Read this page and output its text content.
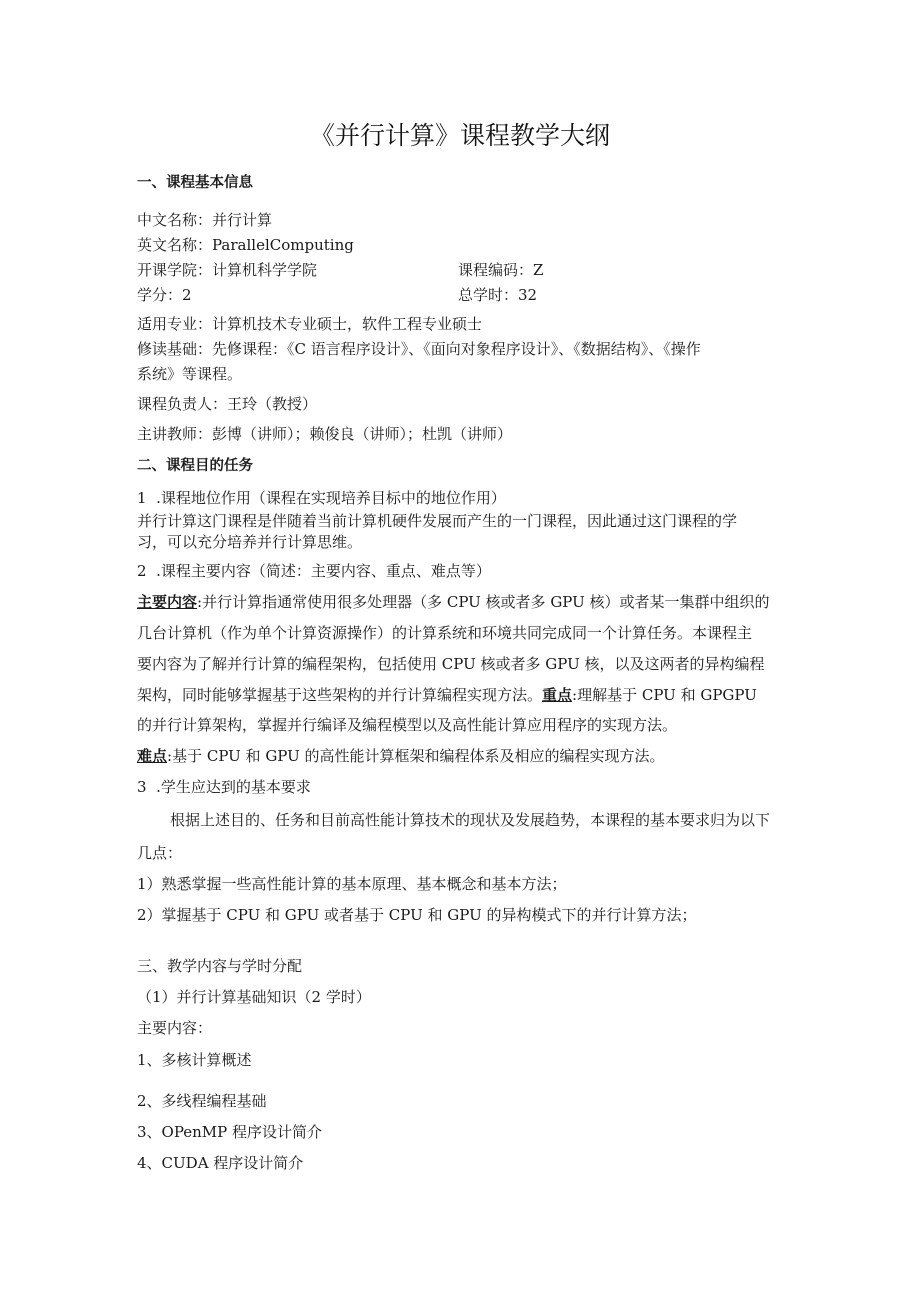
《并行计算》课程教学大纲
一、课程基本信息
中文名称：并行计算
英文名称：ParallelComputing
开课学院：计算机科学学院	课程编码：Z
学分：2	总学时：32
适用专业：计算机技术专业硕士，软件工程专业硕士
修读基础：先修课程：《C 语言程序设计》、《面向对象程序设计》、《数据结构》、《操作
系统》等课程。
课程负责人：王玲（教授）
主讲教师：彭博（讲师）；赖俊良（讲师）；杜凯（讲师）
二、课程目的任务
1  .课程地位作用（课程在实现培养目标中的地位作用）
并行计算这门课程是伴随着当前计算机硬件发展而产生的一门课程，因此通过这门课程的学
习，可以充分培养并行计算思维。
2  .课程主要内容（简述：主要内容、重点、难点等）
主要内容:并行计算指通常使用很多处理器（多 CPU 核或者多 GPU 核）或者某一集群中组织的
几台计算机（作为单个计算资源操作）的计算系统和环境共同完成同一个计算任务。本课程主
要内容为了解并行计算的编程架构，包括使用 CPU 核或者多 GPU 核，以及这两者的异构编程
架构，同时能够掌握基于这些架构的并行计算编程实现方法。重点:理解基于 CPU 和 GPGPU
的并行计算架构，掌握并行编译及编程模型以及高性能计算应用程序的实现方法。
难点:基于 CPU 和 GPU 的高性能计算框架和编程体系及相应的编程实现方法。
3  .学生应达到的基本要求
根据上述目的、任务和目前高性能计算技术的现状及发展趋势，本课程的基本要求归为以下
几点：
1）熟悉掌握一些高性能计算的基本原理、基本概念和基本方法；
2）掌握基于 CPU 和 GPU 或者基于 CPU 和 GPU 的异构模式下的并行计算方法；
三、教学内容与学时分配
（1）并行计算基础知识（2 学时）
主要内容：
1、多核计算概述
2、多线程编程基础
3、OPenMP 程序设计简介
4、CUDA 程序设计简介
